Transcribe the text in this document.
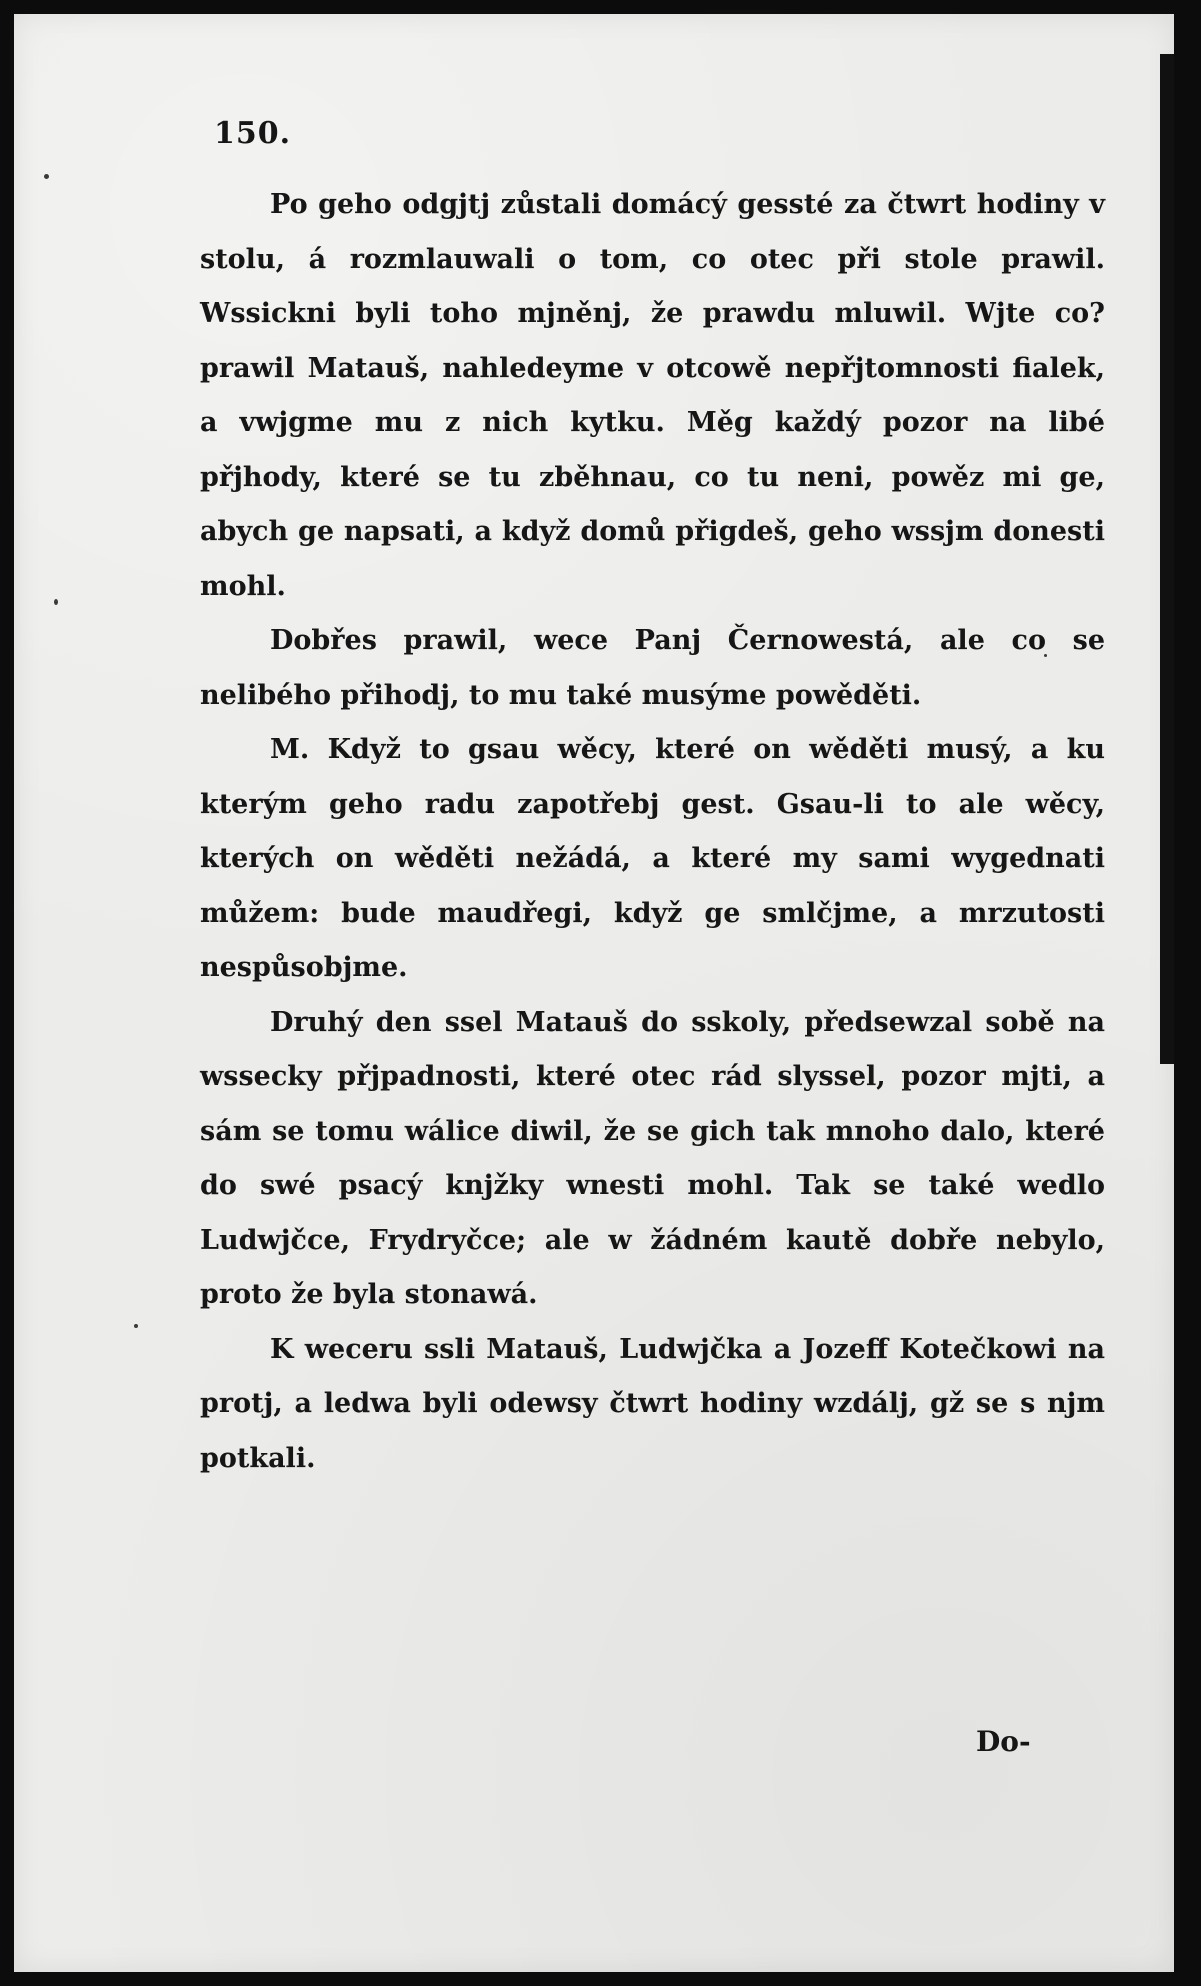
150.

Po geho odgjtj zůstali domácý gessté za čtwrt hodiny v stolu, á rozmlauwali o tom, co otec při stole prawil. Wssickni byli toho mjněnj, že prawdu mluwil. Wjte co? prawil Matauš, nahledeyme v otcowě nepřjtomnosti fialek, a vwjgme mu z nich kytku. Měg každý pozor na libé přjhody, které se tu zběhnau, co tu neni, powěz mi ge, abych ge napsati, a když domů přigdeš, geho wssjm donesti mohl.

Dobřes prawil, wece Panj Černowestá, ale co se nelibého přihodj, to mu také musýme powěděti.

M. Když to gsau wěcy, které on wěděti musý, a ku kterým geho radu zapotřebj gest. Gsau-li to ale wěcy, kterých on wěděti nežádá, a které my sami wygednati můžem: bude maudřegi, když ge smlčjme, a mrzutosti nespůsobjme.

Druhý den ssel Matauš do sskoly, předsewzal sobě na wssecky přjpadnosti, které otec rád slyssel, pozor mjti, a sám se tomu wálice diwil, že se gich tak mnoho dalo, které do swé psacý knjžky wnesti mohl. Tak se také wedlo Ludwjčce, Frydryčce; ale w žádném kautě dobře nebylo, proto že byla stonawá.

K weceru ssli Matauš, Ludwjčka a Jozeff Kotečkowi na protj, a ledwa byli odewsy čtwrt hodiny wzdálj, gž se s njm potkali.

Do-
